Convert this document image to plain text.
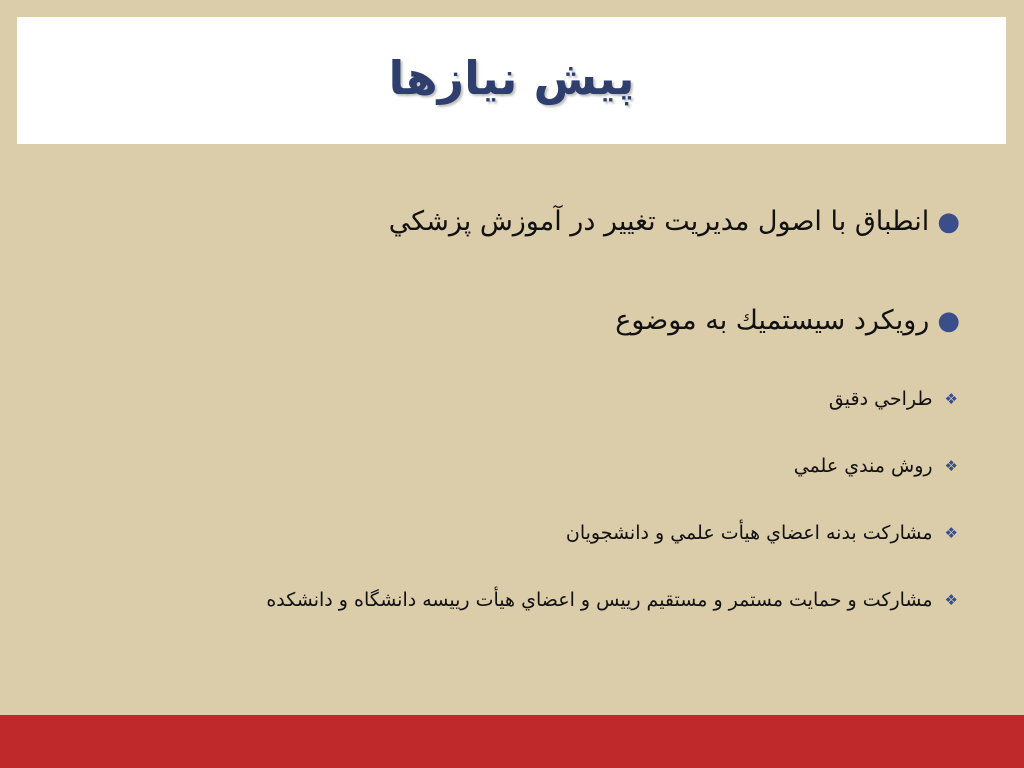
پیش نیازها
●
انطباق با اصول مديريت تغيير در آموزش پزشكي
●
رويكرد سيستميك به موضوع
❖
طراحي دقيق
❖
روش مندي علمي
❖
مشاركت بدنه اعضاي هيأت علمي و دانشجويان
❖
مشاركت و حمايت مستمر و مستقيم رييس و اعضاي هيأت رييسه دانشگاه و دانشكده
